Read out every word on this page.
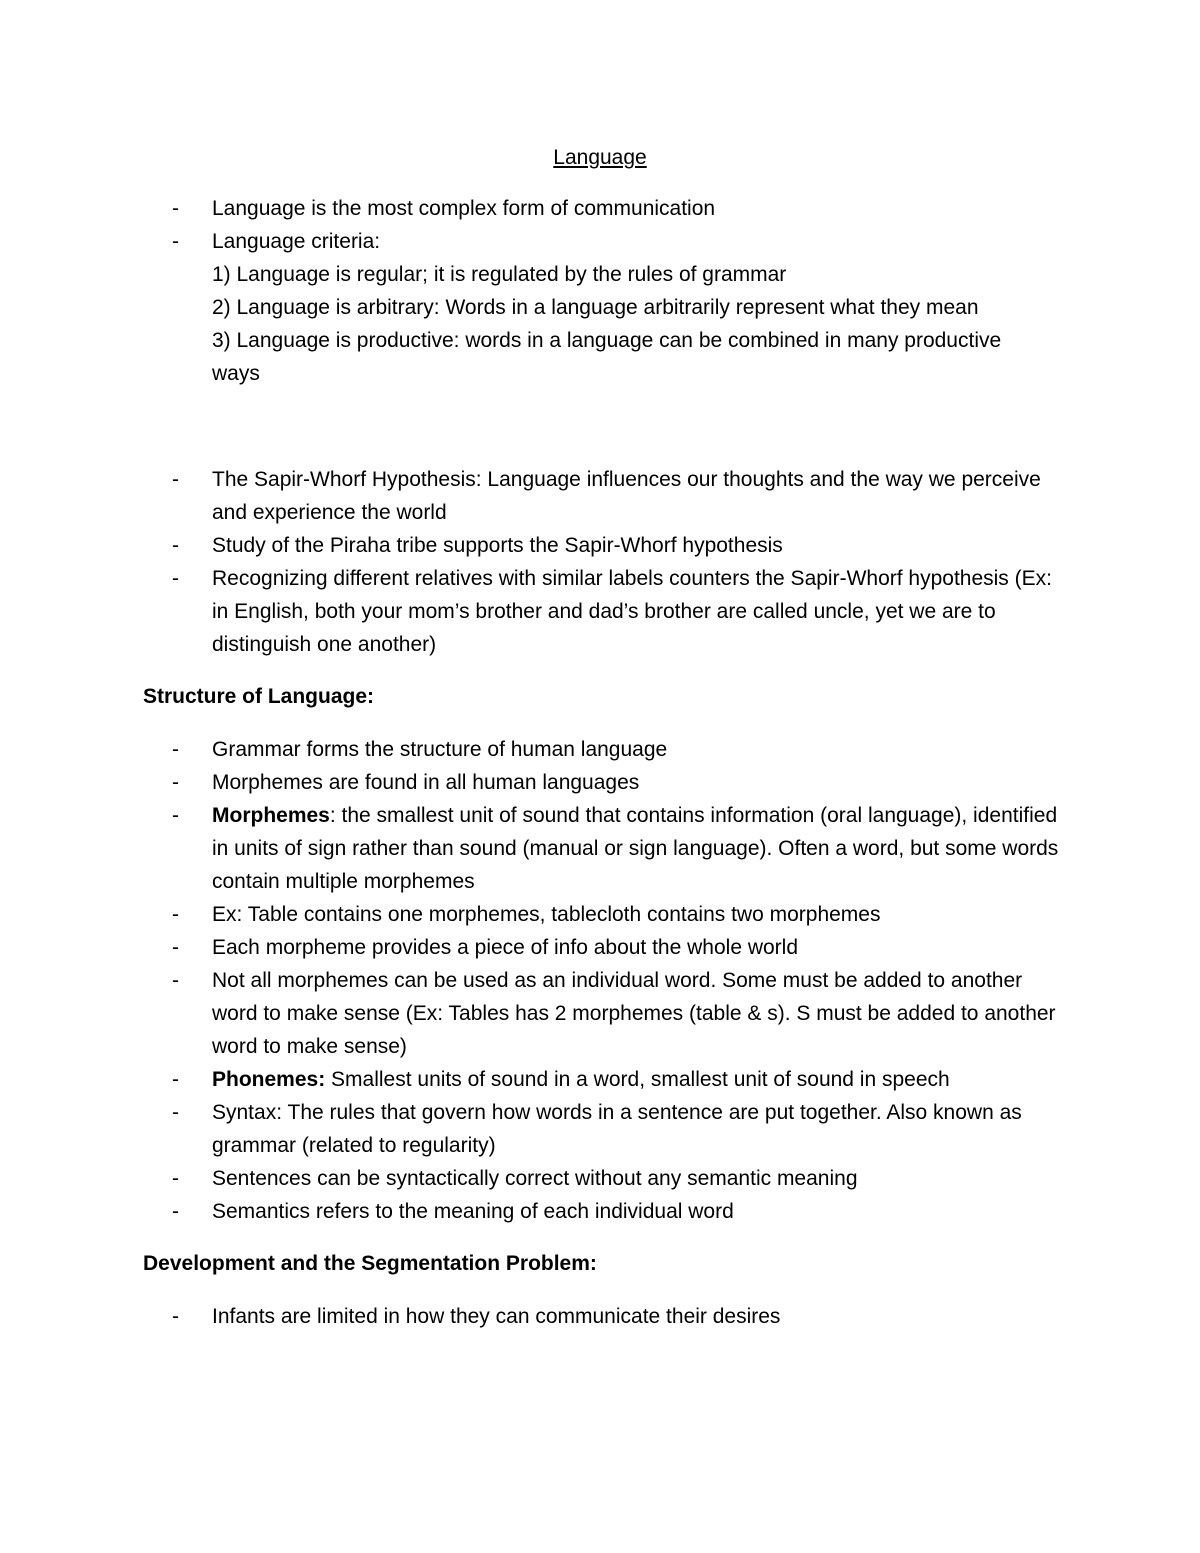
Language
- Language is the most complex form of communication
- Language criteria:
1) Language is regular; it is regulated by the rules of grammar
2) Language is arbitrary: Words in a language arbitrarily represent what they mean
3) Language is productive: words in a language can be combined in many productive ways
- The Sapir-Whorf Hypothesis: Language influences our thoughts and the way we perceive and experience the world
- Study of the Piraha tribe supports the Sapir-Whorf hypothesis
- Recognizing different relatives with similar labels counters the Sapir-Whorf hypothesis (Ex: in English, both your mom’s brother and dad’s brother are called uncle, yet we are to distinguish one another)
Structure of Language:
- Grammar forms the structure of human language
- Morphemes are found in all human languages
- Morphemes: the smallest unit of sound that contains information (oral language), identified in units of sign rather than sound (manual or sign language). Often a word, but some words contain multiple morphemes
- Ex: Table contains one morphemes, tablecloth contains two morphemes
- Each morpheme provides a piece of info about the whole world
- Not all morphemes can be used as an individual word. Some must be added to another word to make sense (Ex: Tables has 2 morphemes (table & s). S must be added to another word to make sense)
- Phonemes: Smallest units of sound in a word, smallest unit of sound in speech
- Syntax: The rules that govern how words in a sentence are put together. Also known as grammar (related to regularity)
- Sentences can be syntactically correct without any semantic meaning
- Semantics refers to the meaning of each individual word
Development and the Segmentation Problem:
- Infants are limited in how they can communicate their desires
